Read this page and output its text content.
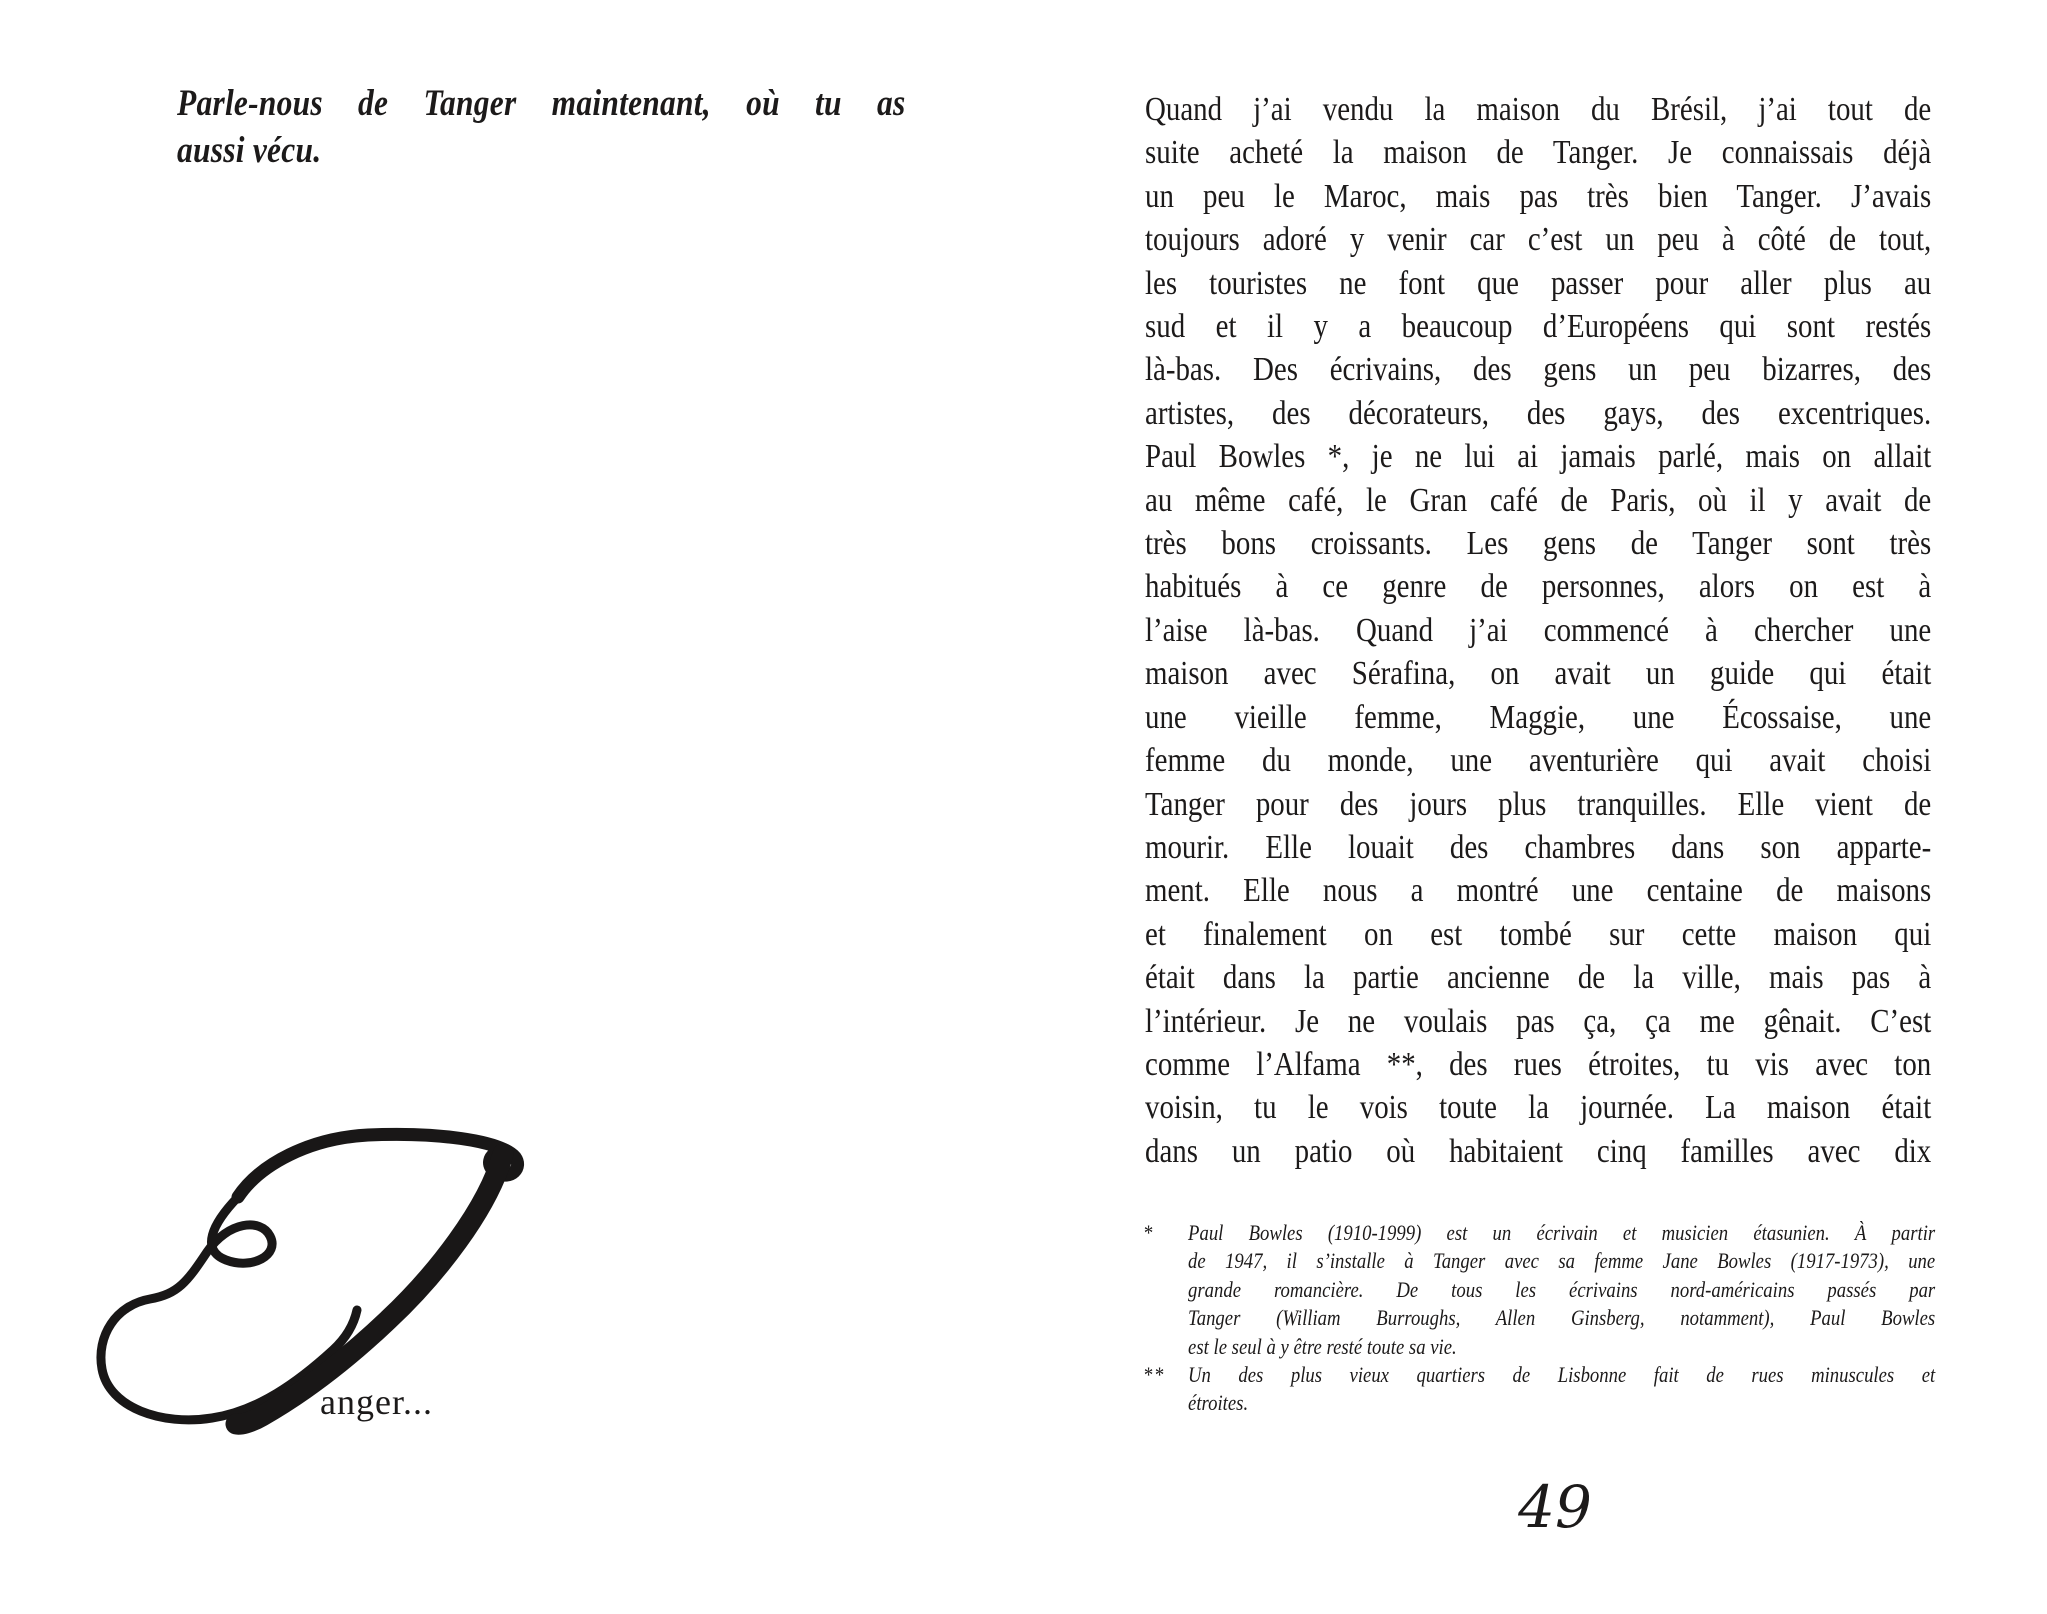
Parle-nous de Tanger maintenant, où tu as
aussi vécu.
anger...
Quand j’ai vendu la maison du Brésil, j’ai tout de
suite acheté la maison de Tanger. Je connaissais déjà
un peu le Maroc, mais pas très bien Tanger. J’avais
toujours adoré y venir car c’est un peu à côté de tout,
les touristes ne font que passer pour aller plus au
sud et il y a beaucoup d’Européens qui sont restés
là-bas. Des écrivains, des gens un peu bizarres, des
artistes, des décorateurs, des gays, des excentriques.
Paul Bowles *, je ne lui ai jamais parlé, mais on allait
au même café, le Gran café de Paris, où il y avait de
très bons croissants. Les gens de Tanger sont très
habitués à ce genre de personnes, alors on est à
l’aise là-bas. Quand j’ai commencé à chercher une
maison avec Sérafina, on avait un guide qui était
une vieille femme, Maggie, une Écossaise, une
femme du monde, une aventurière qui avait choisi
Tanger pour des jours plus tranquilles. Elle vient de
mourir. Elle louait des chambres dans son apparte-
ment. Elle nous a montré une centaine de maisons
et finalement on est tombé sur cette maison qui
était dans la partie ancienne de la ville, mais pas à
l’intérieur. Je ne voulais pas ça, ça me gênait. C’est
comme l’Alfama **, des rues étroites, tu vis avec ton
voisin, tu le vois toute la journée. La maison était
dans un patio où habitaient cinq familles avec dix
*	Paul Bowles (1910-1999) est un écrivain et musicien étasunien. À partir
de 1947, il s’installe à Tanger avec sa femme Jane Bowles (1917-1973), une
grande romancière. De tous les écrivains nord-américains passés par
Tanger (William Burroughs, Allen Ginsberg, notamment), Paul Bowles
est le seul à y être resté toute sa vie.
**	Un des plus vieux quartiers de Lisbonne fait de rues minuscules et
étroites.
49
